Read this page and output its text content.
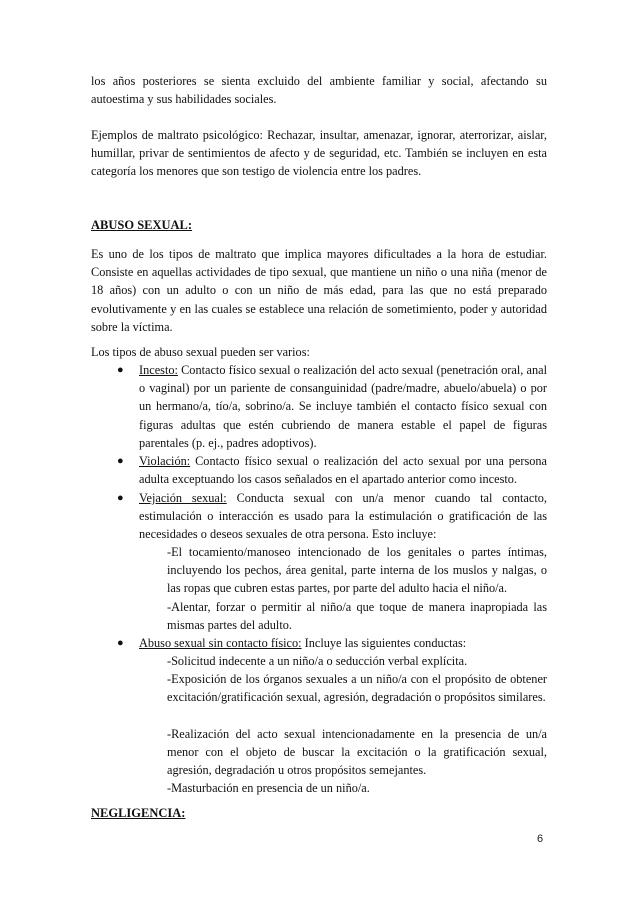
los años posteriores se sienta excluido del ambiente familiar y social, afectando su autoestima y sus habilidades sociales.
Ejemplos de maltrato psicológico: Rechazar, insultar, amenazar, ignorar, aterrorizar, aislar, humillar, privar de sentimientos de afecto y de seguridad, etc. También se incluyen en esta categoría los menores que son testigo de violencia entre los padres.
ABUSO SEXUAL:
Es uno de los tipos de maltrato que implica mayores dificultades a la hora de estudiar. Consiste en aquellas actividades de tipo sexual, que mantiene un niño o una niña (menor de 18 años) con un adulto o con un niño de más edad, para las que no está preparado evolutivamente y en las cuales se establece una relación de sometimiento, poder y autoridad sobre la víctima.
Los tipos de abuso sexual pueden ser varios:
● Incesto: Contacto físico sexual o realización del acto sexual (penetración oral, anal o vaginal) por un pariente de consanguinidad (padre/madre, abuelo/abuela) o por un hermano/a, tío/a, sobrino/a. Se incluye también el contacto físico sexual con figuras adultas que estén cubriendo de manera estable el papel de figuras parentales (p. ej., padres adoptivos).
● Violación: Contacto físico sexual o realización del acto sexual por una persona adulta exceptuando los casos señalados en el apartado anterior como incesto.
● Vejación sexual: Conducta sexual con un/a menor cuando tal contacto, estimulación o interacción es usado para la estimulación o gratificación de las necesidades o deseos sexuales de otra persona. Esto incluye:
-El tocamiento/manoseo intencionado de los genitales o partes íntimas, incluyendo los pechos, área genital, parte interna de los muslos y nalgas, o las ropas que cubren estas partes, por parte del adulto hacia el niño/a.
-Alentar, forzar o permitir al niño/a que toque de manera inapropiada las mismas partes del adulto.
● Abuso sexual sin contacto físico: Incluye las siguientes conductas:
-Solicitud indecente a un niño/a o seducción verbal explícita.
-Exposición de los órganos sexuales a un niño/a con el propósito de obtener excitación/gratificación sexual, agresión, degradación o propósitos similares.
-Realización del acto sexual intencionadamente en la presencia de un/a menor con el objeto de buscar la excitación o la gratificación sexual, agresión, degradación u otros propósitos semejantes.
-Masturbación en presencia de un niño/a.
NEGLIGENCIA:
6
